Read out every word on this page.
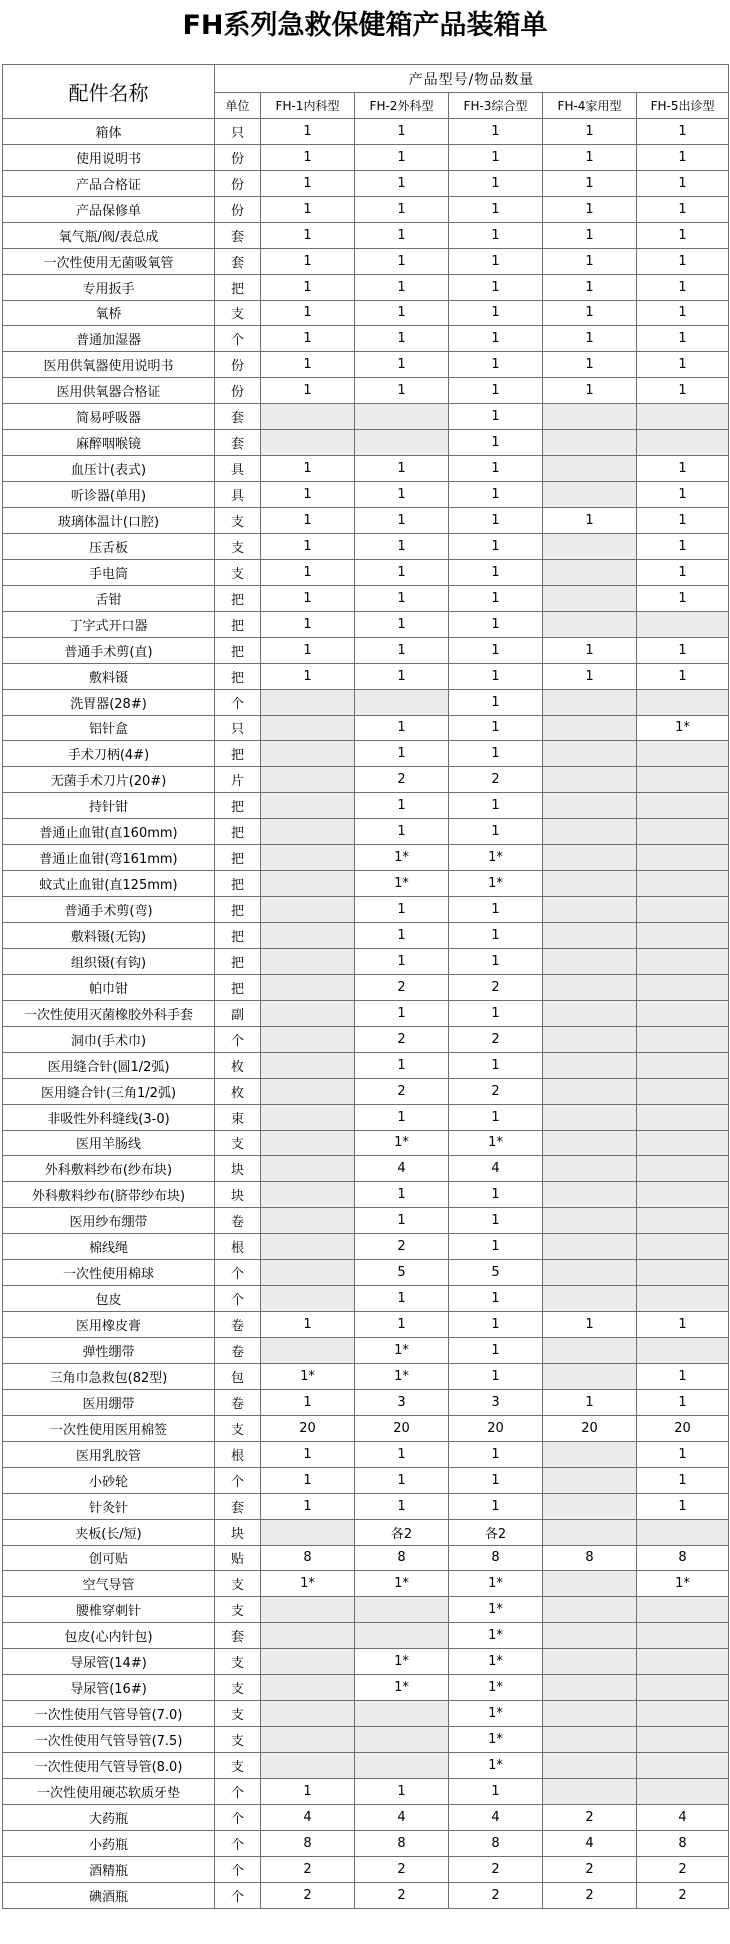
FH系列急救保健箱产品装箱单
配件名称	产品型号/物品数量					
	单位	FH-1内科型	FH-2外科型	FH-3综合型	FH-4家用型	FH-5出诊型
箱体	只	1	1	1	1	1
使用说明书	份	1	1	1	1	1
产品合格证	份	1	1	1	1	1
产品保修单	份	1	1	1	1	1
氧气瓶/阀/表总成	套	1	1	1	1	1
一次性使用无菌吸氧管	套	1	1	1	1	1
专用扳手	把	1	1	1	1	1
氧桥	支	1	1	1	1	1
普通加湿器	个	1	1	1	1	1
医用供氧器使用说明书	份	1	1	1	1	1
医用供氧器合格证	份	1	1	1	1	1
简易呼吸器	套			1		
麻醉咽喉镜	套			1		
血压计(表式)	具	1	1	1		1
听诊器(单用)	具	1	1	1		1
玻璃体温计(口腔)	支	1	1	1	1	1
压舌板	支	1	1	1		1
手电筒	支	1	1	1		1
舌钳	把	1	1	1		1
丁字式开口器	把	1	1	1		
普通手术剪(直)	把	1	1	1	1	1
敷料镊	把	1	1	1	1	1
洗胃器(28#)	个			1		
铝针盒	只		1	1		1*
手术刀柄(4#)	把		1	1		
无菌手术刀片(20#)	片		2	2		
持针钳	把		1	1		
普通止血钳(直160mm)	把		1	1		
普通止血钳(弯161mm)	把		1*	1*		
蚊式止血钳(直125mm)	把		1*	1*		
普通手术剪(弯)	把		1	1		
敷料镊(无钩)	把		1	1		
组织镊(有钩)	把		1	1		
帕巾钳	把		2	2		
一次性使用灭菌橡胶外科手套	副		1	1		
洞巾(手术巾)	个		2	2		
医用缝合针(圆1/2弧)	枚		1	1		
医用缝合针(三角1/2弧)	枚		2	2		
非吸性外科缝线(3-0)	束		1	1		
医用羊肠线	支		1*	1*		
外科敷料纱布(纱布块)	块		4	4		
外科敷料纱布(脐带纱布块)	块		1	1		
医用纱布绷带	卷		1	1		
棉线绳	根		2	1		
一次性使用棉球	个		5	5		
包皮	个		1	1		
医用橡皮膏	卷	1	1	1	1	1
弹性绷带	卷		1*	1		
三角巾急救包(82型)	包	1*	1*	1		1
医用绷带	卷	1	3	3	1	1
一次性使用医用棉签	支	20	20	20	20	20
医用乳胶管	根	1	1	1		1
小砂轮	个	1	1	1		1
针灸针	套	1	1	1		1
夹板(长/短)	块		各2	各2		
创可贴	贴	8	8	8	8	8
空气导管	支	1*	1*	1*		1*
腰椎穿刺针	支			1*		
包皮(心内针包)	套			1*		
导尿管(14#)	支		1*	1*		
导尿管(16#)	支		1*	1*		
一次性使用气管导管(7.0)	支			1*		
一次性使用气管导管(7.5)	支			1*		
一次性使用气管导管(8.0)	支			1*		
一次性使用硬芯软质牙垫	个	1	1	1		
大药瓶	个	4	4	4	2	4
小药瓶	个	8	8	8	4	8
酒精瓶	个	2	2	2	2	2
碘酒瓶	个	2	2	2	2	2
